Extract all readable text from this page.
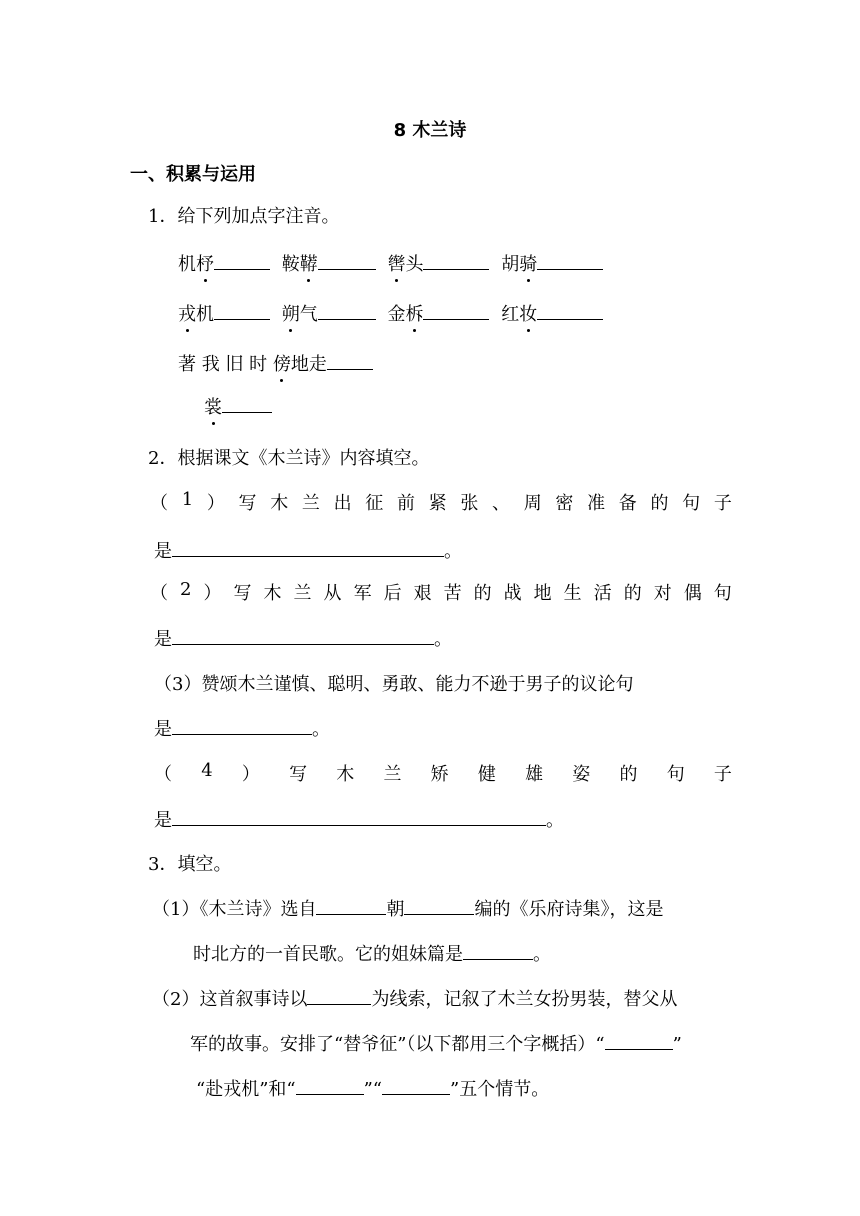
8 木兰诗
一、积累与运用
1．给下列加点字注音。
机杼	鞍鞯	辔头	胡骑
戎机	朔气	金柝	红妆
著 我 旧 时 傍地走
裳
2．根据课文《木兰诗》内容填空。
（ 1 ） 写 木 兰 出 征 前 紧 张 、 周 密 准 备 的 句 子
是	。
（ 2 ） 写 木 兰 从 军 后 艰 苦 的 战 地 生 活 的 对 偶 句
是	。
（3）赞颂木兰谨慎、聪明、勇敢、能力不逊于男子的议论句
是	。
（ 4 ） 写 木 兰 矫 健 雄 姿 的 句 子
是	。
3．填空。
（1）《木兰诗》选自	朝	编的《乐府诗集》，这是
时北方的一首民歌。它的姐妹篇是	。
（2）这首叙事诗以	为线索，记叙了木兰女扮男装，替父从
军的故事。安排了“替爷征”（以下都用三个字概括）“	”
“赴戎机”和“	”“	”五个情节。
